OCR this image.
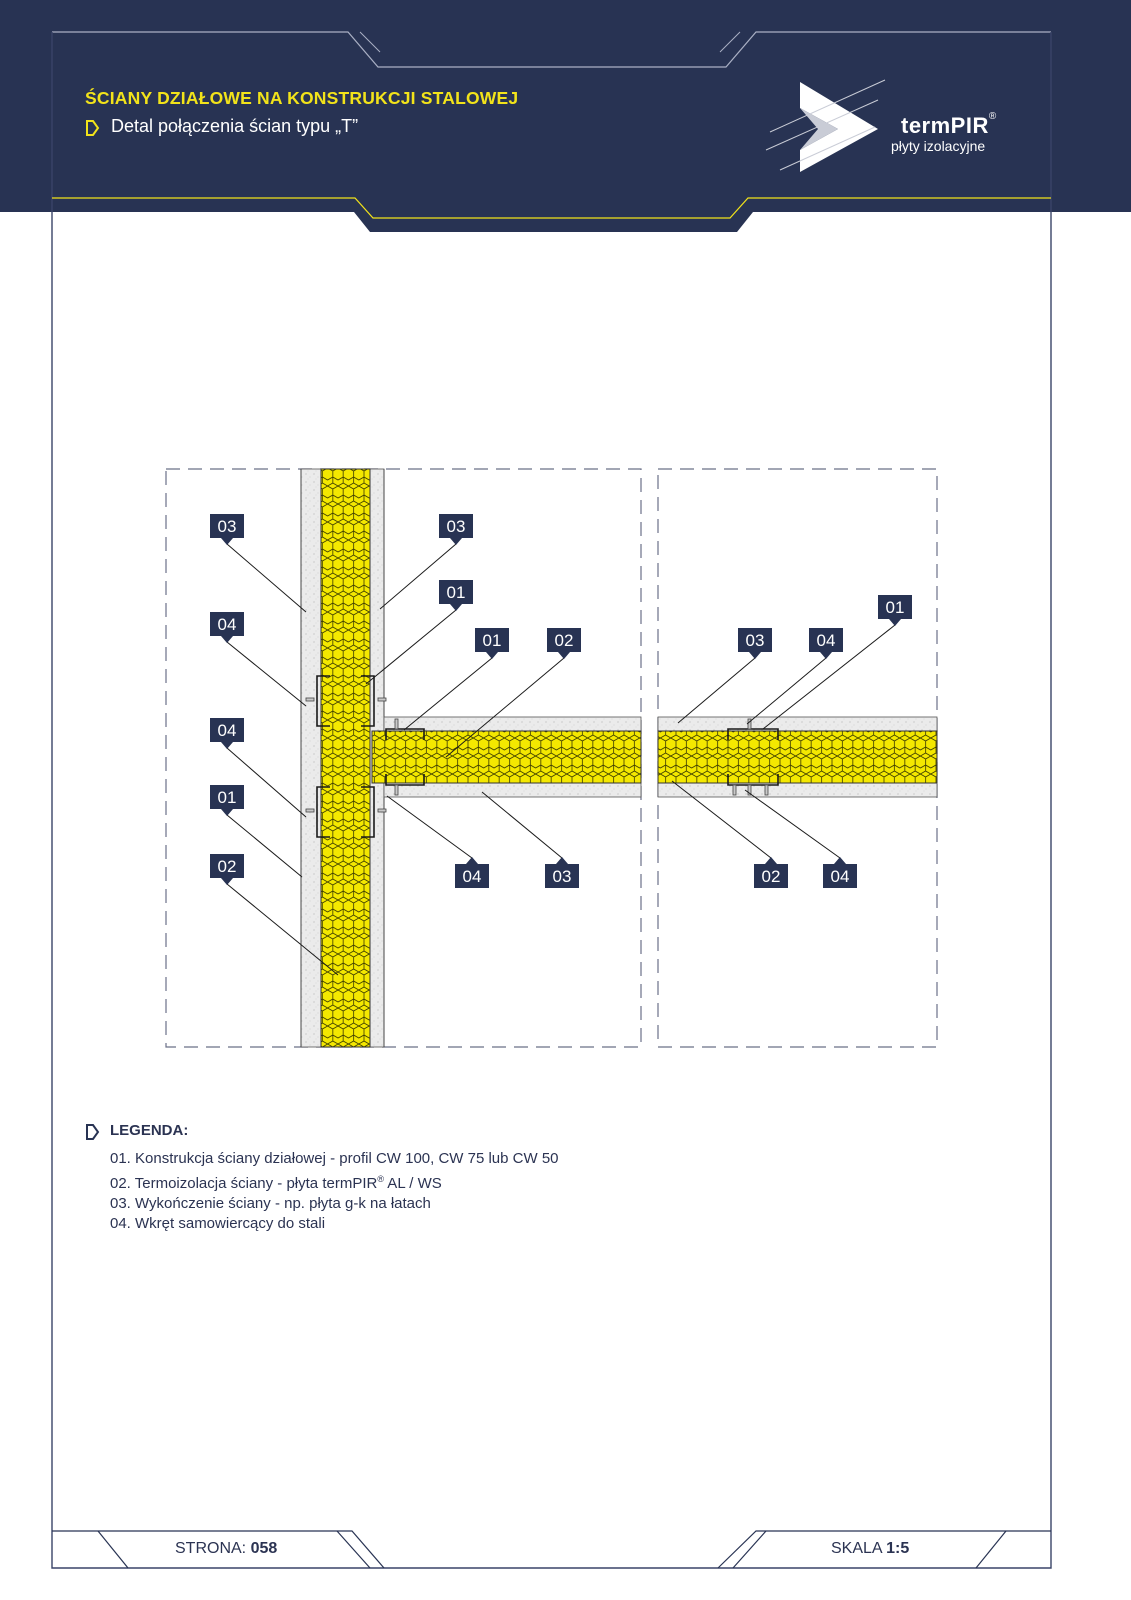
ŚCIANY DZIAŁOWE NA KONSTRUKCJI STALOWEJ
Detal połączenia ścian typu „T”	termPIR®
płyty izolacyjne
03	03
01
04
01	02
04
01
02
04	03
03	04
01
02	04
LEGENDA:
01. Konstrukcja ściany działowej - profil CW 100, CW 75 lub CW 50
02. Termoizolacja ściany - płyta termPIR® AL / WS
03. Wykończenie ściany - np. płyta g-k na łatach
04. Wkręt samowiercący do stali
STRONA: 058	SKALA 1:5
